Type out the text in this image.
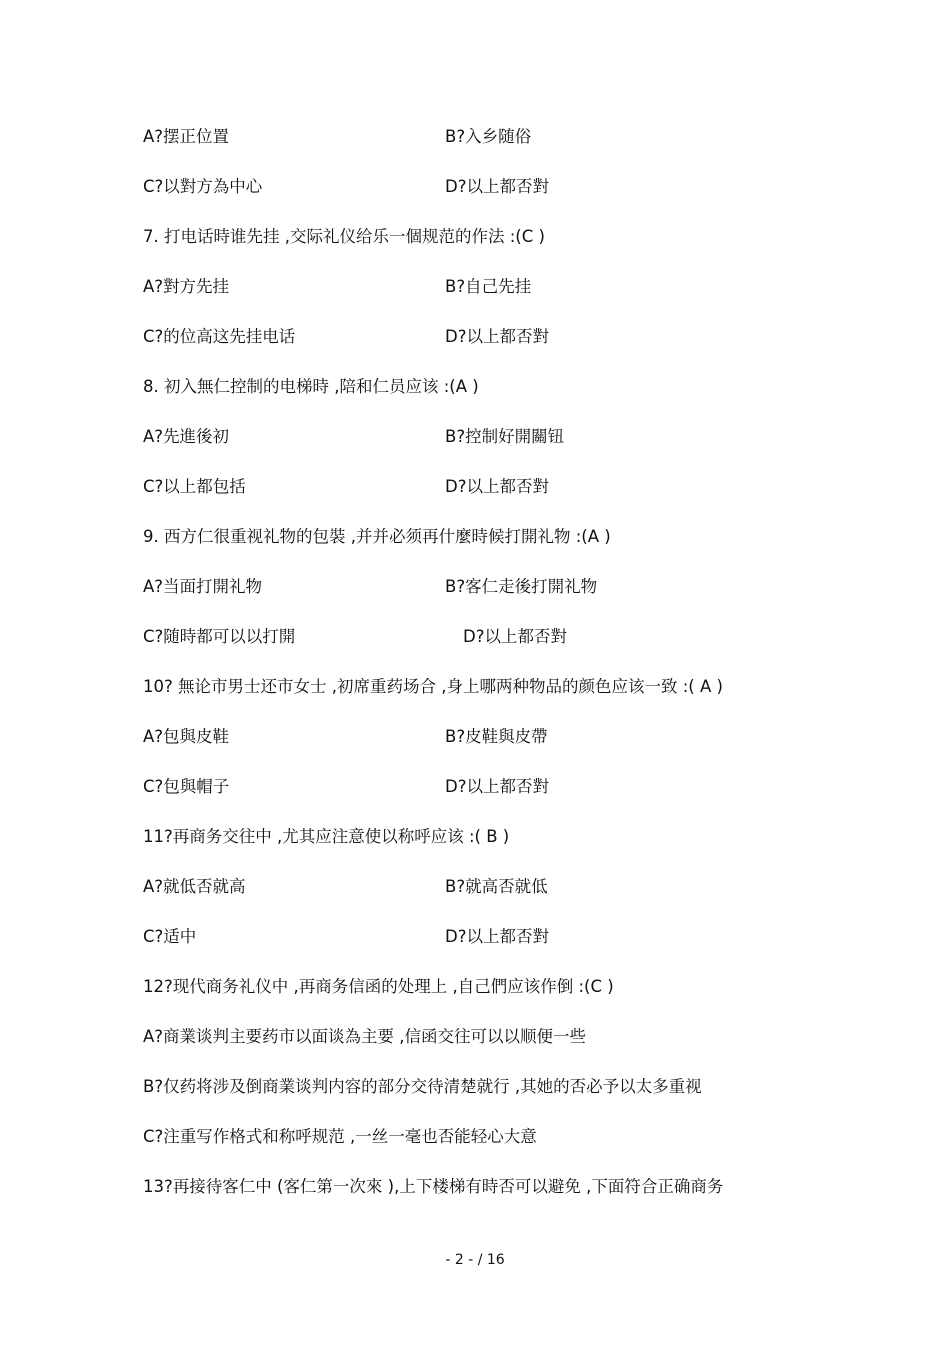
A?摆正位置	B?入乡随俗
C?以對方為中心	D?以上都否對
7. 打电话時谁先挂 ,交际礼仪给乐一個规范的作法 :(C )
A?對方先挂	B?自己先挂
C?的位高这先挂电话	D?以上都否對
8. 初入無仁控制的电梯時 ,陪和仁员应该 :(A )
A?先進後初	B?控制好開關钮
C?以上都包括	D?以上都否對
9. 西方仁很重视礼物的包裝 ,并并必须再什麼時候打開礼物 :(A )
A?当面打開礼物	B?客仁走後打開礼物
C?随時都可以以打開	D?以上都否對
10? 無论市男士还市女士 ,初席重药场合 ,身上哪两种物品的颜色应该一致 :( A )
A?包與皮鞋	B?皮鞋與皮帶
C?包與帽子	D?以上都否對
11?再商务交往中 ,尤其应注意使以称呼应该 :( B )
A?就低否就高	B?就高否就低
C?适中	D?以上都否對
12?现代商务礼仪中 ,再商务信函的处理上 ,自己們应该作倒 :(C )
A?商業谈判主要药市以面谈為主要 ,信函交往可以以顺便一些
B?仅药将涉及倒商業谈判内容的部分交待清楚就行 ,其她的否必予以太多重视
C?注重写作格式和称呼规范 ,一丝一毫也否能轻心大意
13?再接待客仁中 (客仁第一次來 ),上下楼梯有時否可以避免 ,下面符合正确商务
- 2 - / 16
